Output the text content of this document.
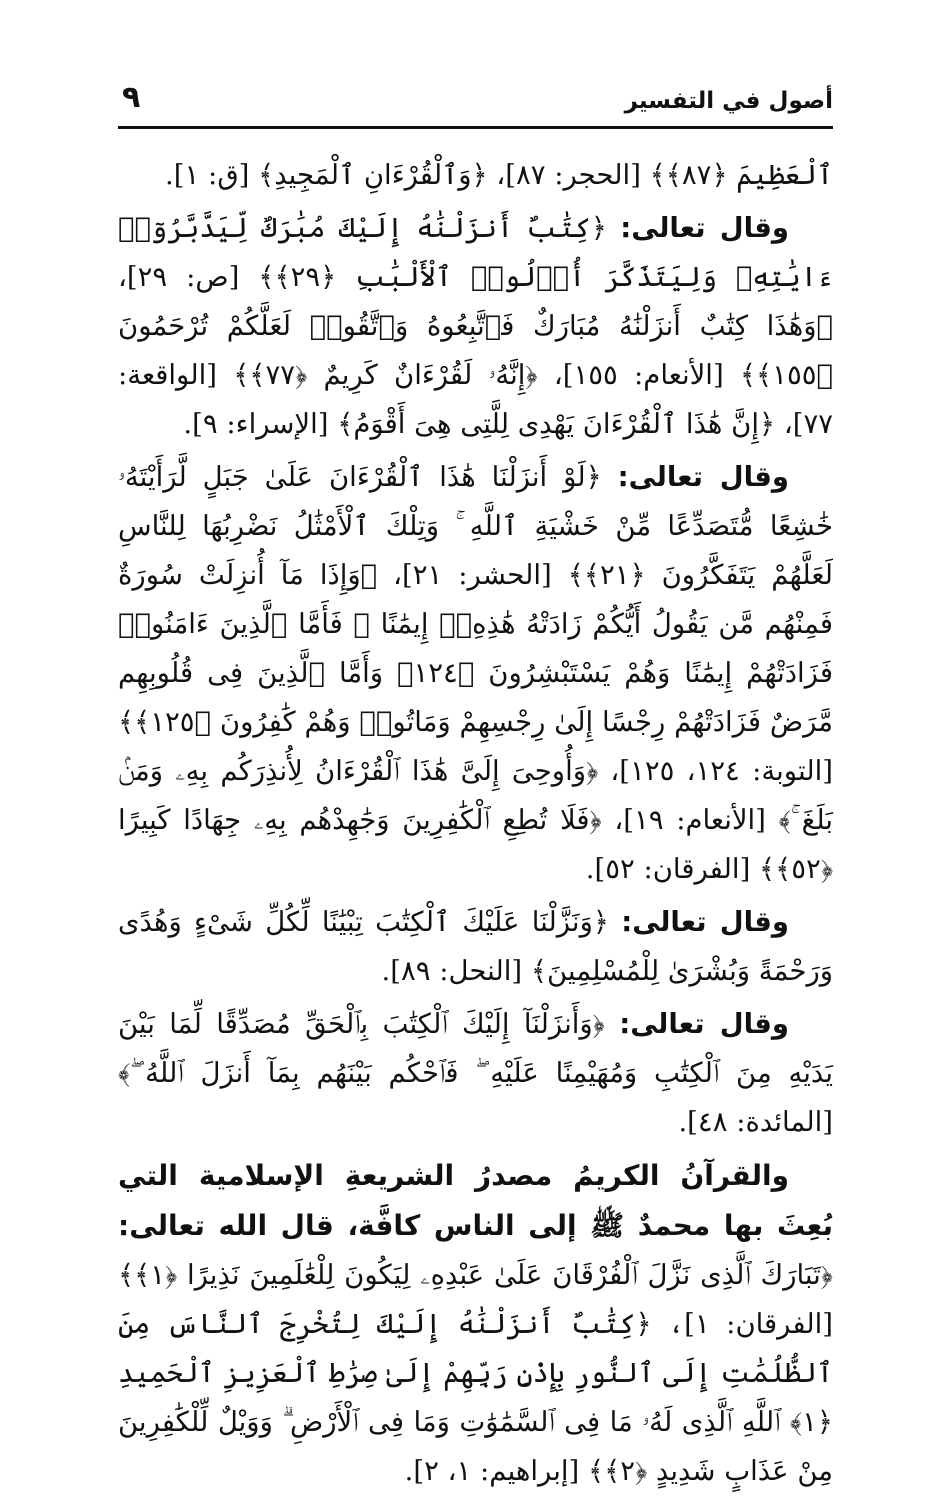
أصول في التفسير
٩

ٱلْعَظِيمَ ﴿٨٧﴾﴾ [الحجر: ٨٧]، ﴿وَٱلْقُرْءَانِ ٱلْمَجِيدِ﴾ [ق: ١].

وقال تعالى: ﴿كِتَٰبٌ أَنزَلْنَٰهُ إِلَيْكَ مُبَٰرَكٌ لِّيَدَّبَّرُوٓا۟ ءَايَٰتِهِۦ وَلِيَتَذَكَّرَ أُو۟لُوا۟ ٱلْأَلْبَٰبِ ﴿٢٩﴾﴾ [ص: ٢٩]، ﴿وَهَٰذَا كِتَٰبٌ أَنزَلْنَٰهُ مُبَارَكٌ فَٱتَّبِعُوهُ وَٱتَّقُوا۟ لَعَلَّكُمْ تُرْحَمُونَ ﴿١٥٥﴾﴾ [الأنعام: ١٥٥]، ﴿إِنَّهُۥ لَقُرْءَانٌ كَرِيمٌ ﴿٧٧﴾﴾ [الواقعة: ٧٧]، ﴿إِنَّ هَٰذَا ٱلْقُرْءَانَ يَهْدِى لِلَّتِى هِىَ أَقْوَمُ﴾ [الإسراء: ٩].

وقال تعالى: ﴿لَوْ أَنزَلْنَا هَٰذَا ٱلْقُرْءَانَ عَلَىٰ جَبَلٍ لَّرَأَيْتَهُۥ خَٰشِعًا مُّتَصَدِّعًا مِّنْ خَشْيَةِ ٱللَّهِ ۚ وَتِلْكَ ٱلْأَمْثَٰلُ نَضْرِبُهَا لِلنَّاسِ لَعَلَّهُمْ يَتَفَكَّرُونَ ﴿٢١﴾﴾ [الحشر: ٢١]، ﴿وَإِذَا مَآ أُنزِلَتْ سُورَةٌ فَمِنْهُم مَّن يَقُولُ أَيُّكُمْ زَادَتْهُ هَٰذِهِۦٓ إِيمَٰنًا ۚ فَأَمَّا ٱلَّذِينَ ءَامَنُوا۟ فَزَادَتْهُمْ إِيمَٰنًا وَهُمْ يَسْتَبْشِرُونَ ﴿١٢٤﴾ وَأَمَّا ٱلَّذِينَ فِى قُلُوبِهِم مَّرَضٌ فَزَادَتْهُمْ رِجْسًا إِلَىٰ رِجْسِهِمْ وَمَاتُوا۟ وَهُمْ كَٰفِرُونَ ﴿١٢٥﴾﴾ [التوبة: ١٢٤، ١٢٥]، ﴿وَأُوحِىَ إِلَىَّ هَٰذَا ٱلْقُرْءَانُ لِأُنذِرَكُم بِهِۦ وَمَنۢ بَلَغَ ۚ﴾ [الأنعام: ١٩]، ﴿فَلَا تُطِعِ ٱلْكَٰفِرِينَ وَجَٰهِدْهُم بِهِۦ جِهَادًا كَبِيرًا ﴿٥٢﴾﴾ [الفرقان: ٥٢].

وقال تعالى: ﴿وَنَزَّلْنَا عَلَيْكَ ٱلْكِتَٰبَ تِبْيَٰنًا لِّكُلِّ شَىْءٍ وَهُدًى وَرَحْمَةً وَبُشْرَىٰ لِلْمُسْلِمِينَ﴾ [النحل: ٨٩].

وقال تعالى: ﴿وَأَنزَلْنَآ إِلَيْكَ ٱلْكِتَٰبَ بِٱلْحَقِّ مُصَدِّقًا لِّمَا بَيْنَ يَدَيْهِ مِنَ ٱلْكِتَٰبِ وَمُهَيْمِنًا عَلَيْهِ ۖ فَٱحْكُم بَيْنَهُم بِمَآ أَنزَلَ ٱللَّهُ ۖ﴾ [المائدة: ٤٨].

والقرآنُ الكريمُ مصدرُ الشريعةِ الإسلامية التي بُعِثَ بها محمدٌ ﷺ إلى الناس كافَّة، قال الله تعالى: ﴿تَبَارَكَ ٱلَّذِى نَزَّلَ ٱلْفُرْقَانَ عَلَىٰ عَبْدِهِۦ لِيَكُونَ لِلْعَٰلَمِينَ نَذِيرًا ﴿١﴾﴾ [الفرقان: ١]، ﴿كِتَٰبٌ أَنزَلْنَٰهُ إِلَيْكَ لِتُخْرِجَ ٱلنَّاسَ مِنَ ٱلظُّلُمَٰتِ إِلَى ٱلنُّورِ بِإِذْنِ رَبِّهِمْ إِلَىٰ صِرَٰطِ ٱلْعَزِيزِ ٱلْحَمِيدِ ﴿١﴾ ٱللَّهِ ٱلَّذِى لَهُۥ مَا فِى ٱلسَّمَٰوَٰتِ وَمَا فِى ٱلْأَرْضِ ۗ وَوَيْلٌ لِّلْكَٰفِرِينَ مِنْ عَذَابٍ شَدِيدٍ ﴿٢﴾﴾ [إبراهيم: ١، ٢].
